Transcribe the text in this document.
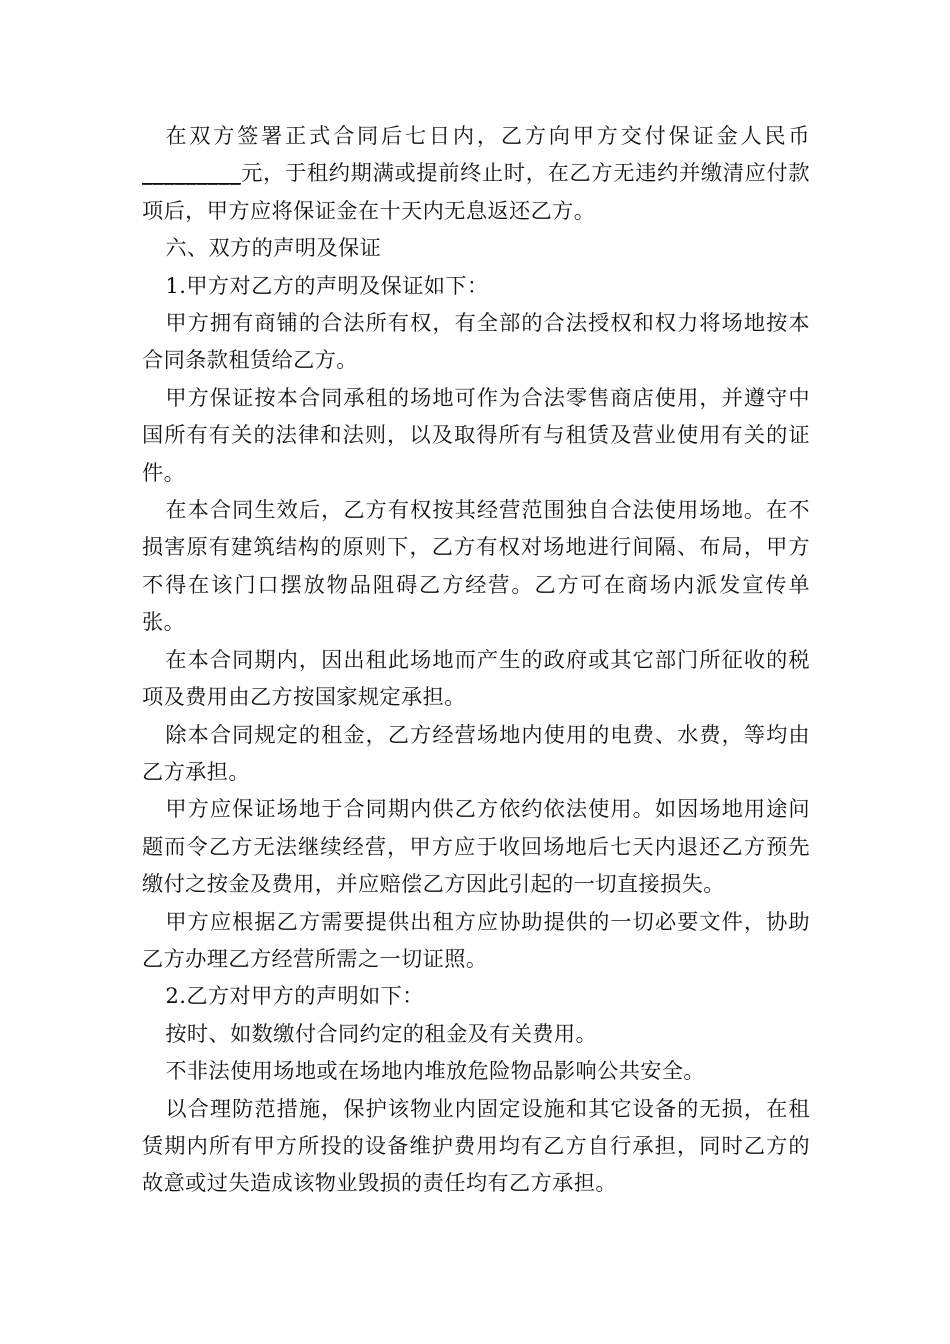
在双方签署正式合同后七日内，乙方向甲方交付保证金人民币_________元，于租约期满或提前终止时，在乙方无违约并缴清应付款项后，甲方应将保证金在十天内无息返还乙方。

六、双方的声明及保证

1.甲方对乙方的声明及保证如下：

甲方拥有商铺的合法所有权，有全部的合法授权和权力将场地按本合同条款租赁给乙方。

甲方保证按本合同承租的场地可作为合法零售商店使用，并遵守中国所有有关的法律和法则，以及取得所有与租赁及营业使用有关的证件。

在本合同生效后，乙方有权按其经营范围独自合法使用场地。在不损害原有建筑结构的原则下，乙方有权对场地进行间隔、布局，甲方不得在该门口摆放物品阻碍乙方经营。乙方可在商场内派发宣传单张。

在本合同期内，因出租此场地而产生的政府或其它部门所征收的税项及费用由乙方按国家规定承担。

除本合同规定的租金，乙方经营场地内使用的电费、水费，等均由乙方承担。

甲方应保证场地于合同期内供乙方依约依法使用。如因场地用途问题而令乙方无法继续经营，甲方应于收回场地后七天内退还乙方预先缴付之按金及费用，并应赔偿乙方因此引起的一切直接损失。

甲方应根据乙方需要提供出租方应协助提供的一切必要文件，协助乙方办理乙方经营所需之一切证照。

2.乙方对甲方的声明如下：

按时、如数缴付合同约定的租金及有关费用。

不非法使用场地或在场地内堆放危险物品影响公共安全。

以合理防范措施，保护该物业内固定设施和其它设备的无损，在租赁期内所有甲方所投的设备维护费用均有乙方自行承担，同时乙方的故意或过失造成该物业毁损的责任均有乙方承担。
